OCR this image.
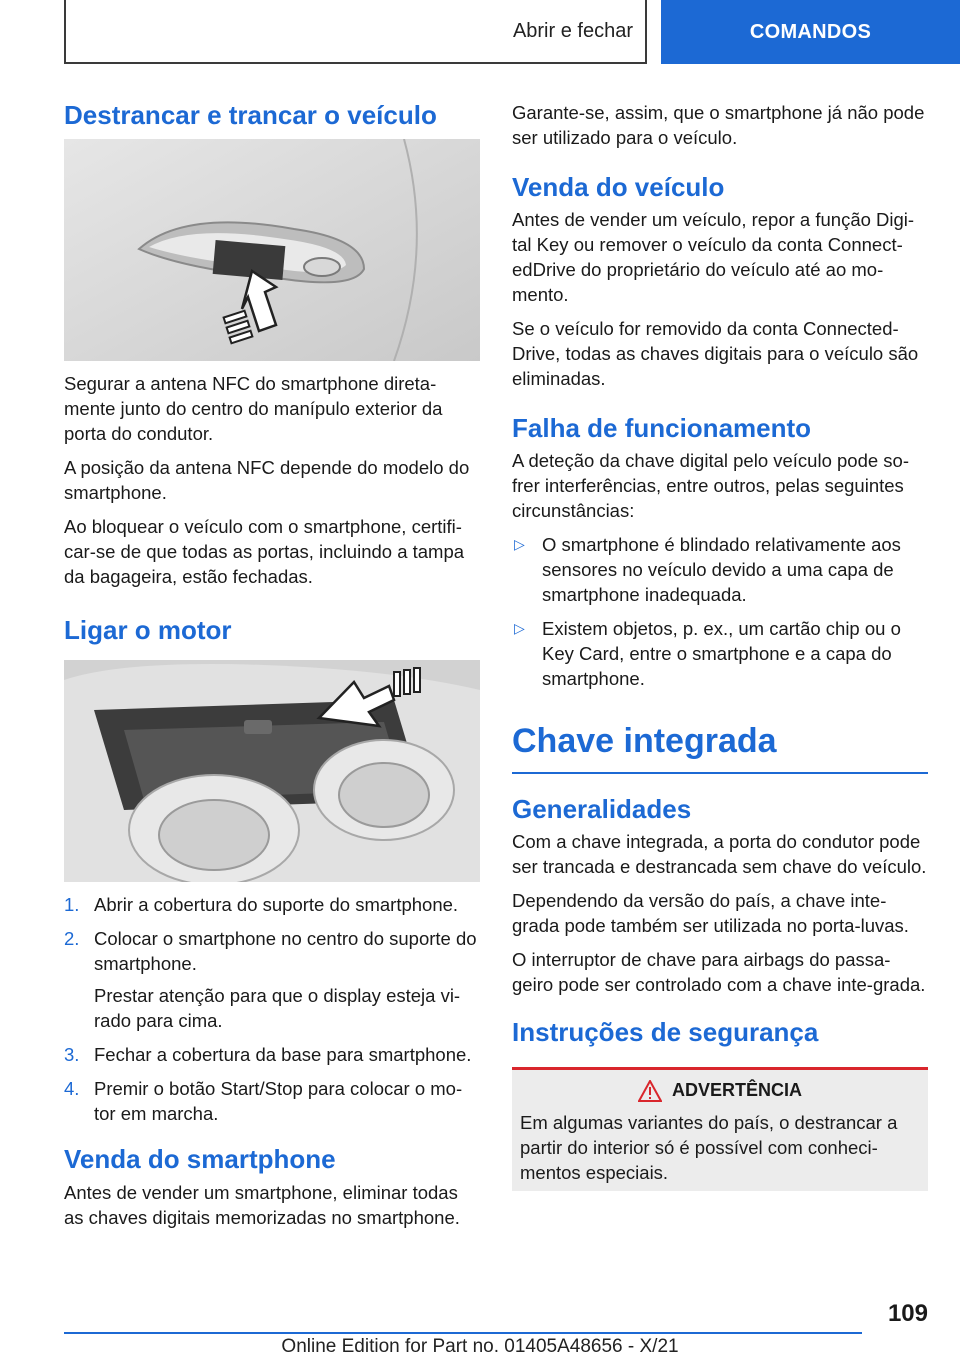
Abrir e fechar	COMANDOS
Destrancar e trancar o veículo

Segurar a antena NFC do smartphone direta-mente junto do centro do manípulo exterior da porta do condutor.

A posição da antena NFC depende do modelo do smartphone.

Ao bloquear o veículo com o smartphone, certifi-car-se de que todas as portas, incluindo a tampa da bagageira, estão fechadas.

Ligar o motor
1. Abrir a cobertura do suporte do smartphone.
2. Colocar o smartphone no centro do suporte do smartphone.
Prestar atenção para que o display esteja vi-rado para cima.
3. Fechar a cobertura da base para smartphone.
4. Premir o botão Start/Stop para colocar o mo-tor em marcha.
Venda do smartphone

Antes de vender um smartphone, eliminar todas as chaves digitais memorizadas no smartphone.

Garante-se, assim, que o smartphone já não pode ser utilizado para o veículo.

Venda do veículo

Antes de vender um veículo, repor a função Digi-tal Key ou remover o veículo da conta Connect-edDrive do proprietário do veículo até ao mo-mento.

Se o veículo for removido da conta Connected-Drive, todas as chaves digitais para o veículo são eliminadas.

Falha de funcionamento

A deteção da chave digital pelo veículo pode so-frer interferências, entre outros, pelas seguintes circunstâncias:

▷ O smartphone é blindado relativamente aos sensores no veículo devido a uma capa de smartphone inadequada.
▷ Existem objetos, p. ex., um cartão chip ou o Key Card, entre o smartphone e a capa do smartphone.
Chave integrada
Generalidades

Com a chave integrada, a porta do condutor pode ser trancada e destrancada sem chave do veículo.

Dependendo da versão do país, a chave inte-grada pode também ser utilizada no porta-luvas.

O interruptor de chave para airbags do passa-geiro pode ser controlado com a chave inte-grada.

Instruções de segurança
ADVERTÊNCIA

Em algumas variantes do país, o destrancar a partir do interior só é possível com conheci-mentos especiais.

109
Online Edition for Part no. 01405A48656 - X/21
